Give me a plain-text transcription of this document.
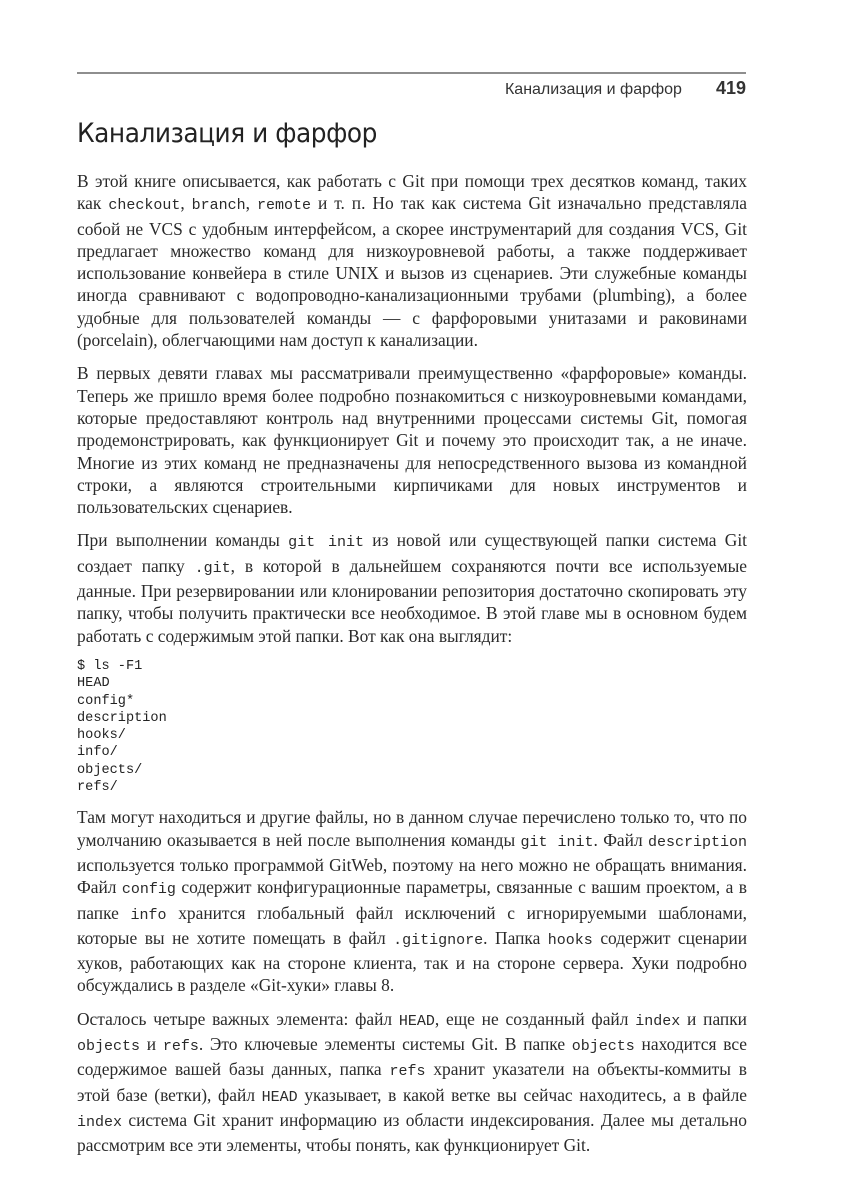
Канализация и фарфор 419
Канализация и фарфор

В этой книге описывается, как работать с Git при помощи трех десятков команд, таких как checkout, branch, remote и т. п. Но так как система Git изначально представляла собой не VCS с удобным интерфейсом, а скорее инструментарий для создания VCS, Git предлагает множество команд для низкоуровневой работы, а также поддерживает использование конвейера в стиле UNIX и вызов из сценариев. Эти служебные команды иногда сравнивают с водопроводно-канализационными трубами (plumbing), а более удобные для пользователей команды — с фарфоровыми унитазами и раковинами (porcelain), облегчающими нам доступ к канализации.

В первых девяти главах мы рассматривали преимущественно «фарфоровые» команды. Теперь же пришло время более подробно познакомиться с низкоуровневыми командами, которые предоставляют контроль над внутренними процессами системы Git, помогая продемонстрировать, как функционирует Git и почему это происходит так, а не иначе. Многие из этих команд не предназначены для непосредственного вызова из командной строки, а являются строительными кирпичиками для новых инструментов и пользовательских сценариев.

При выполнении команды git init из новой или существующей папки система Git создает папку .git, в которой в дальнейшем сохраняются почти все используемые данные. При резервировании или клонировании репозитория достаточно скопировать эту папку, чтобы получить практически все необходимое. В этой главе мы в основном будем работать с содержимым этой папки. Вот как она выглядит:

$ ls -F1
HEAD
config*
description
hooks/
info/
objects/
refs/

Там могут находиться и другие файлы, но в данном случае перечислено только то, что по умолчанию оказывается в ней после выполнения команды git init. Файл description используется только программой GitWeb, поэтому на него можно не обращать внимания. Файл config содержит конфигурационные параметры, связанные с вашим проектом, а в папке info хранится глобальный файл исключений с игнорируемыми шаблонами, которые вы не хотите помещать в файл .gitignore. Папка hooks содержит сценарии хуков, работающих как на стороне клиента, так и на стороне сервера. Хуки подробно обсуждались в разделе «Git-хуки» главы 8.

Осталось четыре важных элемента: файл HEAD, еще не созданный файл index и папки objects и refs. Это ключевые элементы системы Git. В папке objects находится все содержимое вашей базы данных, папка refs хранит указатели на объекты-коммиты в этой базе (ветки), файл HEAD указывает, в какой ветке вы сейчас находитесь, а в файле index система Git хранит информацию из области индексирования. Далее мы детально рассмотрим все эти элементы, чтобы понять, как функционирует Git.
